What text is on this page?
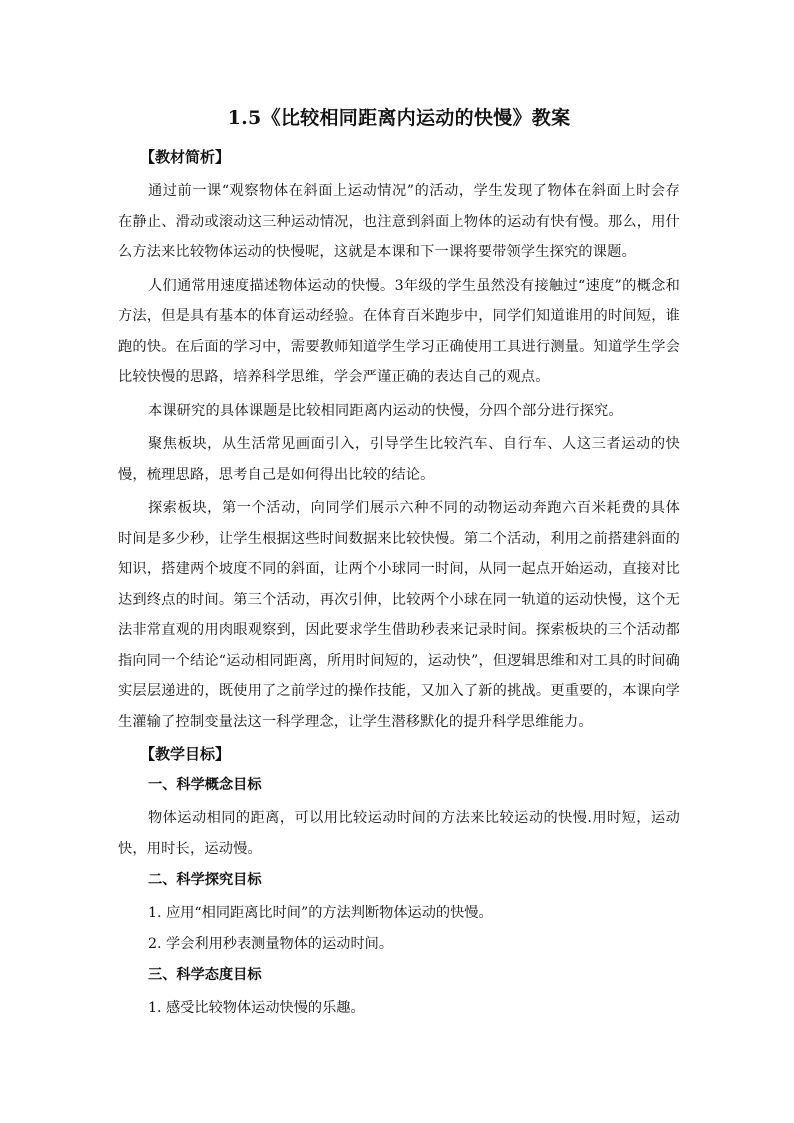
1.5《比较相同距离内运动的快慢》教案
【教材简析】

通过前一课“观察物体在斜面上运动情况”的活动，学生发现了物体在斜面上时会存在静止、滑动或滚动这三种运动情况，也注意到斜面上物体的运动有快有慢。那么，用什么方法来比较物体运动的快慢呢，这就是本课和下一课将要带领学生探究的课题。

人们通常用速度描述物体运动的快慢。3年级的学生虽然没有接触过“速度”的概念和方法，但是具有基本的体育运动经验。在体育百米跑步中，同学们知道谁用的时间短，谁跑的快。在后面的学习中，需要教师知道学生学习正确使用工具进行测量。知道学生学会比较快慢的思路，培养科学思维，学会严谨正确的表达自己的观点。

本课研究的具体课题是比较相同距离内运动的快慢，分四个部分进行探究。

聚焦板块，从生活常见画面引入，引导学生比较汽车、自行车、人这三者运动的快慢，梳理思路，思考自己是如何得出比较的结论。

探索板块，第一个活动，向同学们展示六种不同的动物运动奔跑六百米耗费的具体时间是多少秒，让学生根据这些时间数据来比较快慢。第二个活动，利用之前搭建斜面的知识，搭建两个坡度不同的斜面，让两个小球同一时间，从同一起点开始运动，直接对比达到终点的时间。第三个活动，再次引伸，比较两个小球在同一轨道的运动快慢，这个无法非常直观的用肉眼观察到，因此要求学生借助秒表来记录时间。探索板块的三个活动都指向同一个结论“运动相同距离，所用时间短的，运动快”，但逻辑思维和对工具的时间确实层层递进的，既使用了之前学过的操作技能，又加入了新的挑战。更重要的，本课向学生灌输了控制变量法这一科学理念，让学生潜移默化的提升科学思维能力。

【教学目标】
一、科学概念目标

物体运动相同的距离，可以用比较运动时间的方法来比较运动的快慢.用时短，运动快，用时长，运动慢。

二、科学探究目标

1. 应用“相同距离比时间”的方法判断物体运动的快慢。

2. 学会利用秒表测量物体的运动时间。

三、科学态度目标

1. 感受比较物体运动快慢的乐趣。
